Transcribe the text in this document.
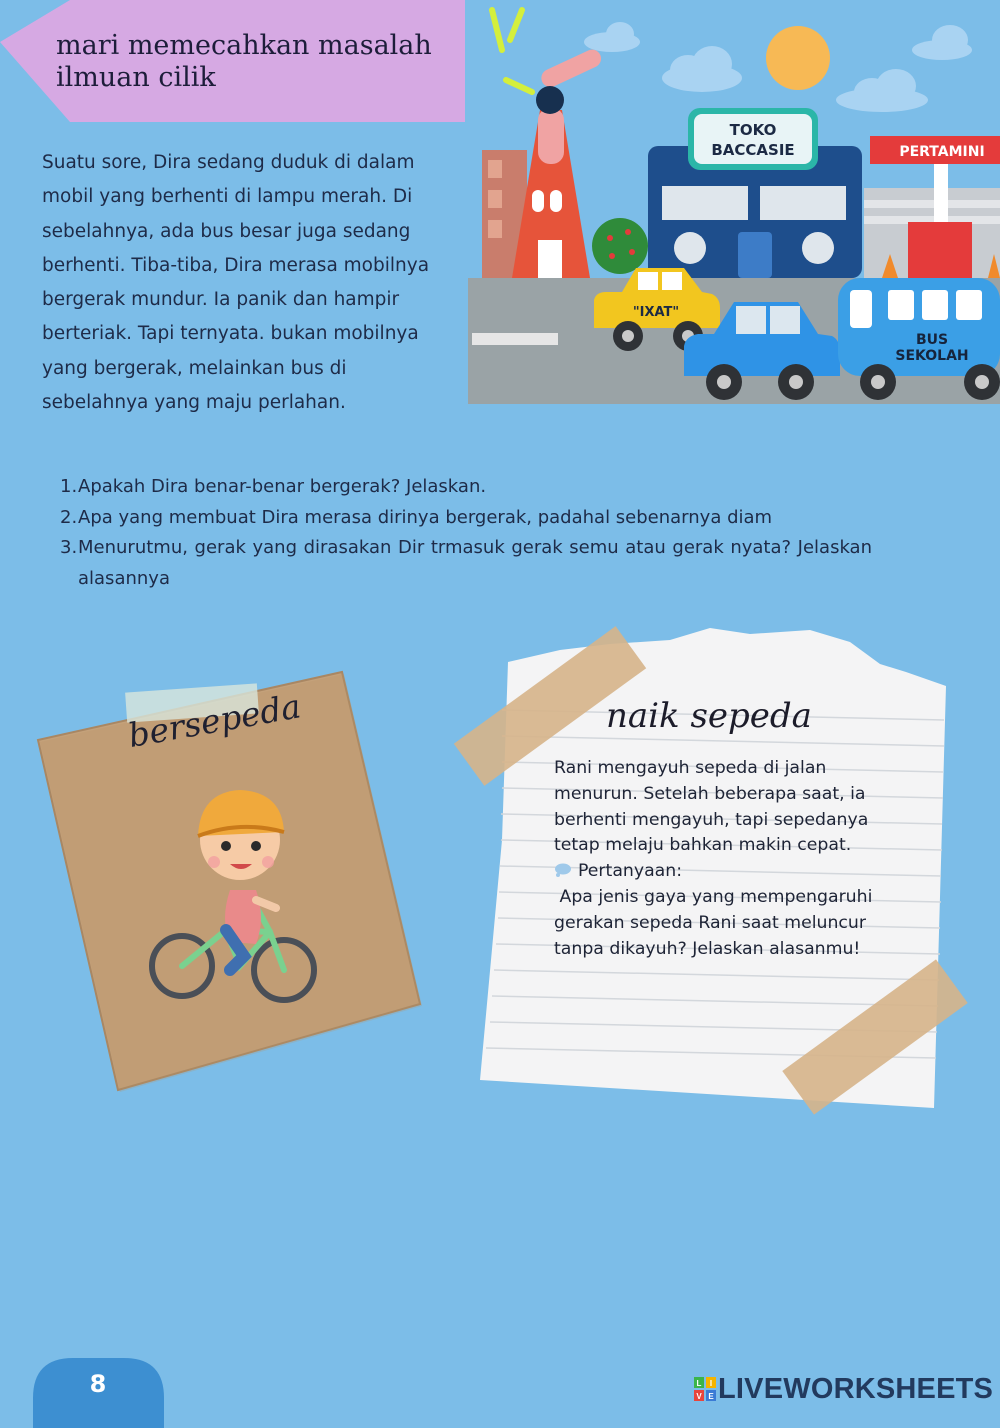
mari memecahkan masalah
ilmuan cilik
Suatu sore, Dira sedang duduk di dalam
mobil yang berhenti di lampu merah. Di
sebelahnya, ada bus besar juga sedang
berhenti. Tiba-tiba, Dira merasa mobilnya
bergerak mundur. Ia panik dan hampir
berteriak. Tapi ternyata. bukan mobilnya
yang bergerak, melainkan bus di
sebelahnya yang maju perlahan.
TOKO
BACCASIE	PERTAMINI
"IXAT"
BUS
SEKOLAH
1. Apakah Dira benar-benar bergerak? Jelaskan.
2. Apa yang membuat Dira merasa dirinya bergerak, padahal sebenarnya diam
3. Menurutmu, gerak yang dirasakan Dir trmasuk gerak semu atau gerak nyata? Jelaskan alasannya
bersepeda	naik sepeda

Rani mengayuh sepeda di jalan

menurun. Setelah beberapa saat, ia

berhenti mengayuh, tapi sepedanya

tetap melaju bahkan makin cepat.

Pertanyaan:

Apa jenis gaya yang mempengaruhi

gerakan sepeda Rani saat meluncur

tanpa dikayuh? Jelaskan alasanmu!

8	L I
V E LIVEWORKSHEETS
